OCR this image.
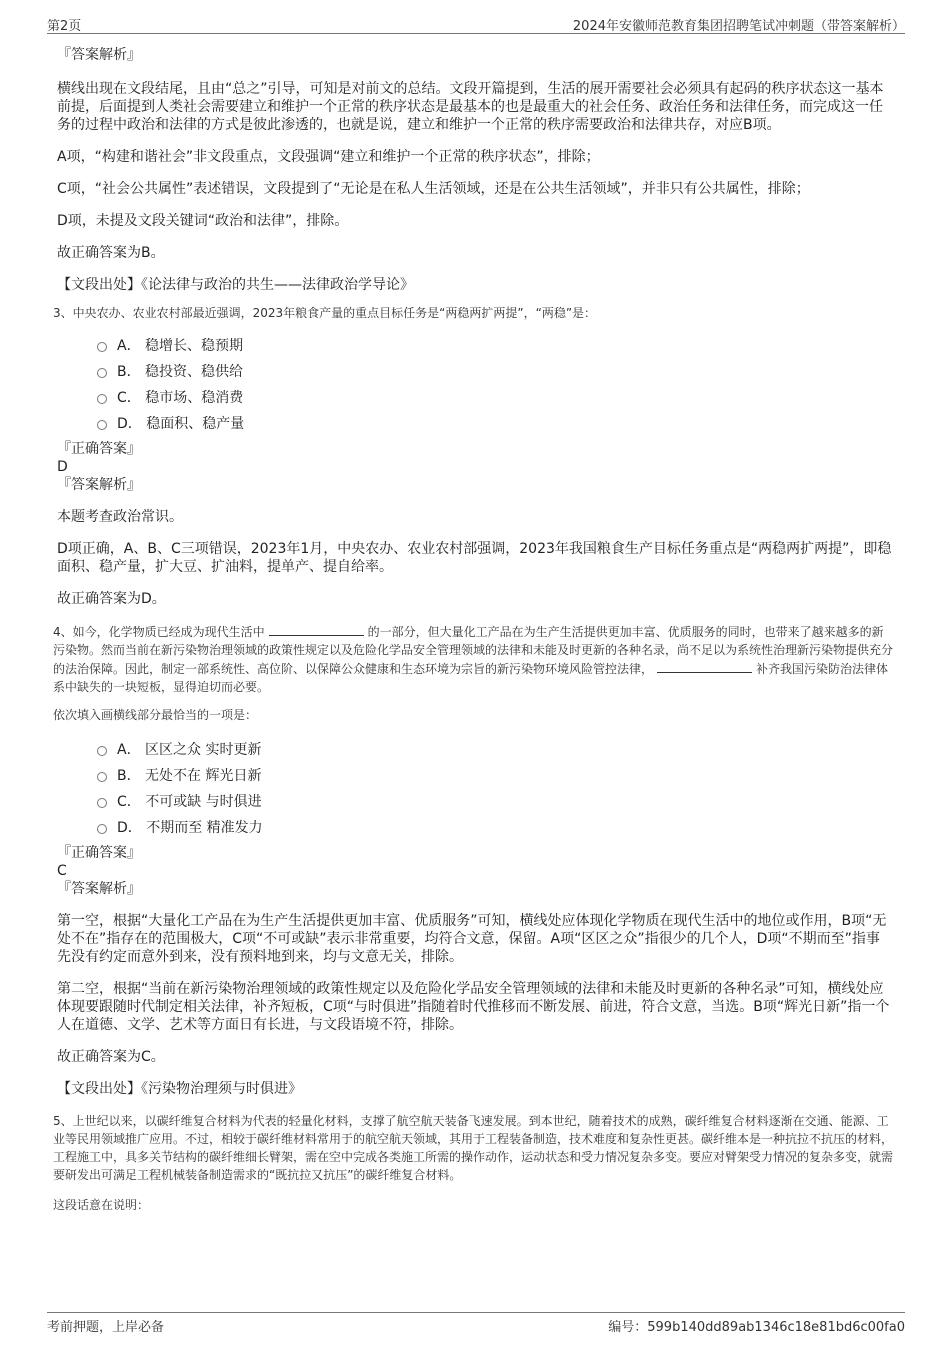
第2页	2024年安徽师范教育集团招聘笔试冲刺题（带答案解析）

『答案解析』

横线出现在文段结尾，且由“总之”引导，可知是对前文的总结。文段开篇提到，生活的展开需要社会必须具有起码的秩序状态这一基本前提，后面提到人类社会需要建立和维护一个正常的秩序状态是最基本的也是最重大的社会任务、政治任务和法律任务，而完成这一任务的过程中政治和法律的方式是彼此渗透的，也就是说，建立和维护一个正常的秩序需要政治和法律共存，对应B项。

A项，“构建和谐社会”非文段重点，文段强调“建立和维护一个正常的秩序状态”，排除；

C项，“社会公共属性”表述错误，文段提到了“无论是在私人生活领域，还是在公共生活领域”，并非只有公共属性，排除；

D项，未提及文段关键词“政治和法律”，排除。

故正确答案为B。

【文段出处】《论法律与政治的共生——法律政治学导论》

3、中央农办、农业农村部最近强调，2023年粮食产量的重点目标任务是“两稳两扩两提”，“两稳”是：

A． 稳增长、稳预期
B． 稳投资、稳供给
C． 稳市场、稳消费
D． 稳面积、稳产量

『正确答案』

D

『答案解析』

本题考查政治常识。

D项正确，A、B、C三项错误，2023年1月，中央农办、农业农村部强调，2023年我国粮食生产目标任务重点是“两稳两扩两提”，即稳面积、稳产量，扩大豆、扩油料，提单产、提自给率。

故正确答案为D。

4、如今，化学物质已经成为现代生活中	的一部分，但大量化工产品在为生产生活提供更加丰富、优质服务的同时，也带来了越来越多的新污染物。然而当前在新污染物治理领域的政策性规定以及危险化学品安全管理领域的法律和未能及时更新的各种名录，尚不足以为系统性治理新污染物提供充分的法治保障。因此，制定一部系统性、高位阶、以保障公众健康和生态环境为宗旨的新污染物环境风险管控法律，	补齐我国污染防治法律体系中缺失的一块短板，显得迫切而必要。

依次填入画横线部分最恰当的一项是：

A． 区区之众 实时更新
B． 无处不在 辉光日新
C． 不可或缺 与时俱进
D． 不期而至 精准发力

『正确答案』

C

『答案解析』

第一空，根据“大量化工产品在为生产生活提供更加丰富、优质服务”可知，横线处应体现化学物质在现代生活中的地位或作用，B项“无处不在”指存在的范围极大，C项“不可或缺”表示非常重要，均符合文意，保留。A项“区区之众”指很少的几个人，D项“不期而至”指事先没有约定而意外到来，没有预料地到来，均与文意无关，排除。

第二空，根据“当前在新污染物治理领域的政策性规定以及危险化学品安全管理领域的法律和未能及时更新的各种名录”可知，横线处应体现要跟随时代制定相关法律，补齐短板，C项“与时俱进”指随着时代推移而不断发展、前进，符合文意，当选。B项“辉光日新”指一个人在道德、文学、艺术等方面日有长进，与文段语境不符，排除。

故正确答案为C。

【文段出处】《污染物治理须与时俱进》

5、上世纪以来，以碳纤维复合材料为代表的轻量化材料，支撑了航空航天装备飞速发展。到本世纪，随着技术的成熟，碳纤维复合材料逐渐在交通、能源、工业等民用领域推广应用。不过，相较于碳纤维材料常用于的航空航天领域，其用于工程装备制造，技术难度和复杂性更甚。碳纤维本是一种抗拉不抗压的材料，工程施工中，具多关节结构的碳纤维细长臂架，需在空中完成各类施工所需的操作动作，运动状态和受力情况复杂多变。要应对臂架受力情况的复杂多变，就需要研发出可满足工程机械装备制造需求的“既抗拉又抗压”的碳纤维复合材料。

这段话意在说明：

考前押题，上岸必备	编号：599b140dd89ab1346c18e81bd6c00fa0
